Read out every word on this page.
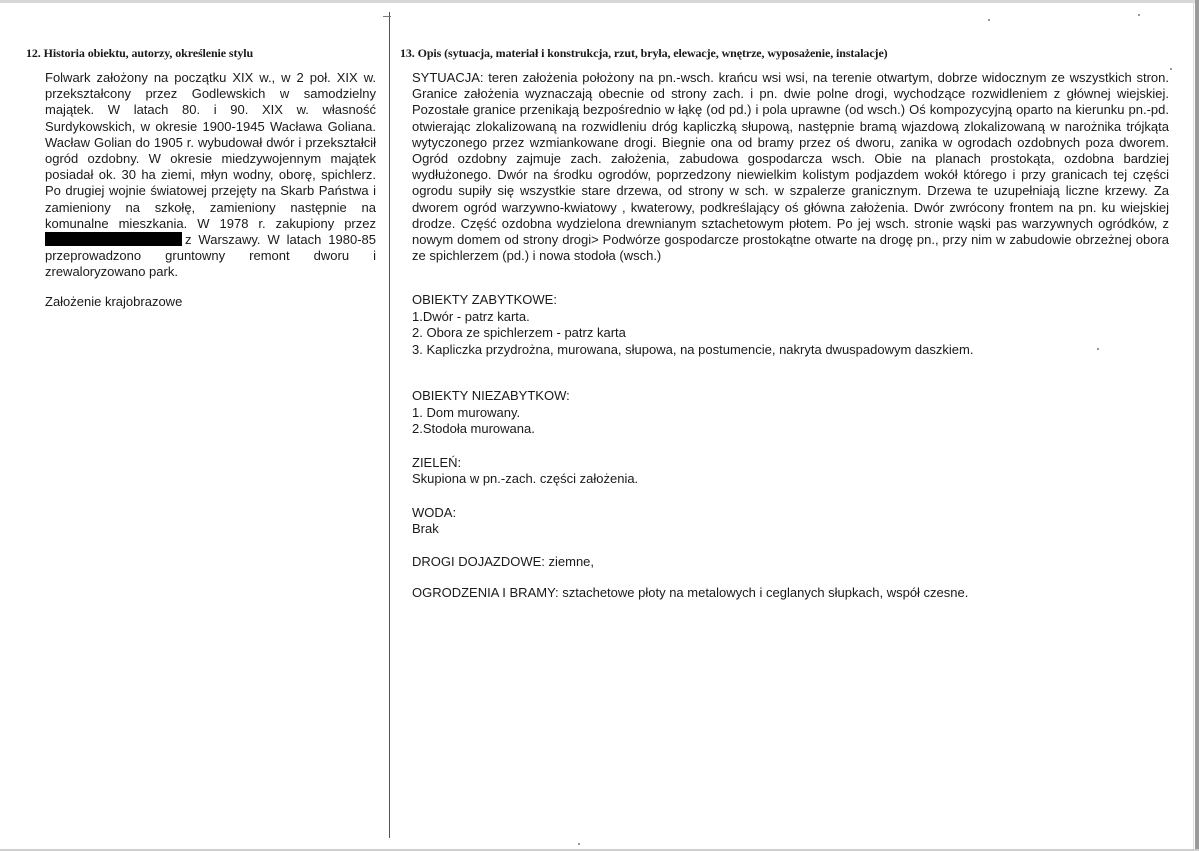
12. Historia obiektu, autorzy, określenie stylu
Folwark założony na początku XIX w., w 2 poł. XIX w. przekształcony przez Godlewskich w samodzielny majątek. W latach 80. i 90. XIX w. własność Surdykowskich, w okresie 1900-1945 Wacława Goliana. Wacław Golian do 1905 r. wybudował dwór i przekształcił ogród ozdobny. W okresie miedzywojennym majątek posiadał ok. 30 ha ziemi, młyn wodny, oborę, spichlerz. Po drugiej wojnie światowej przejęty na Skarb Państwa i zamieniony na szkołę, zamieniony następnie na komunalne mieszkania. W 1978 r. zakupiony przez z Warszawy. W latach 1980-85 przeprowadzono gruntowny remont dworu i zrewaloryzowano park.

Założenie krajobrazowe

13. Opis (sytuacja, materiał i konstrukcja, rzut, bryła, elewacje, wnętrze, wyposażenie, instalacje)

SYTUACJA: teren założenia położony na pn.-wsch. krańcu wsi wsi, na terenie otwartym, dobrze widocznym ze wszystkich stron. Granice założenia wyznaczają obecnie od strony zach. i pn. dwie polne drogi, wychodzące rozwidleniem z głównej wiejskiej. Pozostałe granice przenikają bezpośrednio w łąkę (od pd.) i pola uprawne (od wsch.) Oś kompozycyjną oparto na kierunku pn.-pd. otwierając zlokalizowaną na rozwidleniu dróg kapliczką słupową, następnie bramą wjazdową zlokalizowaną w narożnika trójkąta wytyczonego przez wzmiankowane drogi. Biegnie ona od bramy przez oś dworu, zanika w ogrodach ozdobnych poza dworem. Ogród ozdobny zajmuje zach. założenia, zabudowa gospodarcza wsch. Obie na planach prostokąta, ozdobna bardziej wydłużonego. Dwór na środku ogrodów, poprzedzony niewielkim kolistym podjazdem wokół którego i przy granicach tej części ogrodu supiły się wszystkie stare drzewa, od strony w sch. w szpalerze granicznym. Drzewa te uzupełniają liczne krzewy. Za dworem ogród warzywno-kwiatowy , kwaterowy, podkreślający oś główna założenia. Dwór zwrócony frontem na pn. ku wiejskiej drodze. Część ozdobna wydzielona drewnianym sztachetowym płotem. Po jej wsch. stronie wąski pas warzywnych ogródków, z nowym domem od strony drogi> Podwórze gospodarcze prostokątne otwarte na drogę pn., przy nim w zabudowie obrzeżnej obora ze spichlerzem (pd.) i nowa stodoła (wsch.)

OBIEKTY ZABYTKOWE:
1.Dwór - patrz karta.
2. Obora ze spichlerzem - patrz karta
3. Kapliczka przydrożna, murowana, słupowa, na postumencie, nakryta dwuspadowym daszkiem.
OBIEKTY NIEZABYTKOW:
1. Dom murowany.
2.Stodoła murowana.
ZIELEŃ:
Skupiona w pn.-zach. części założenia.
WODA:
Brak
DROGI DOJAZDOWE: ziemne,
OGRODZENIA I BRAMY: sztachetowe płoty na metalowych i ceglanych słupkach, współ czesne.
